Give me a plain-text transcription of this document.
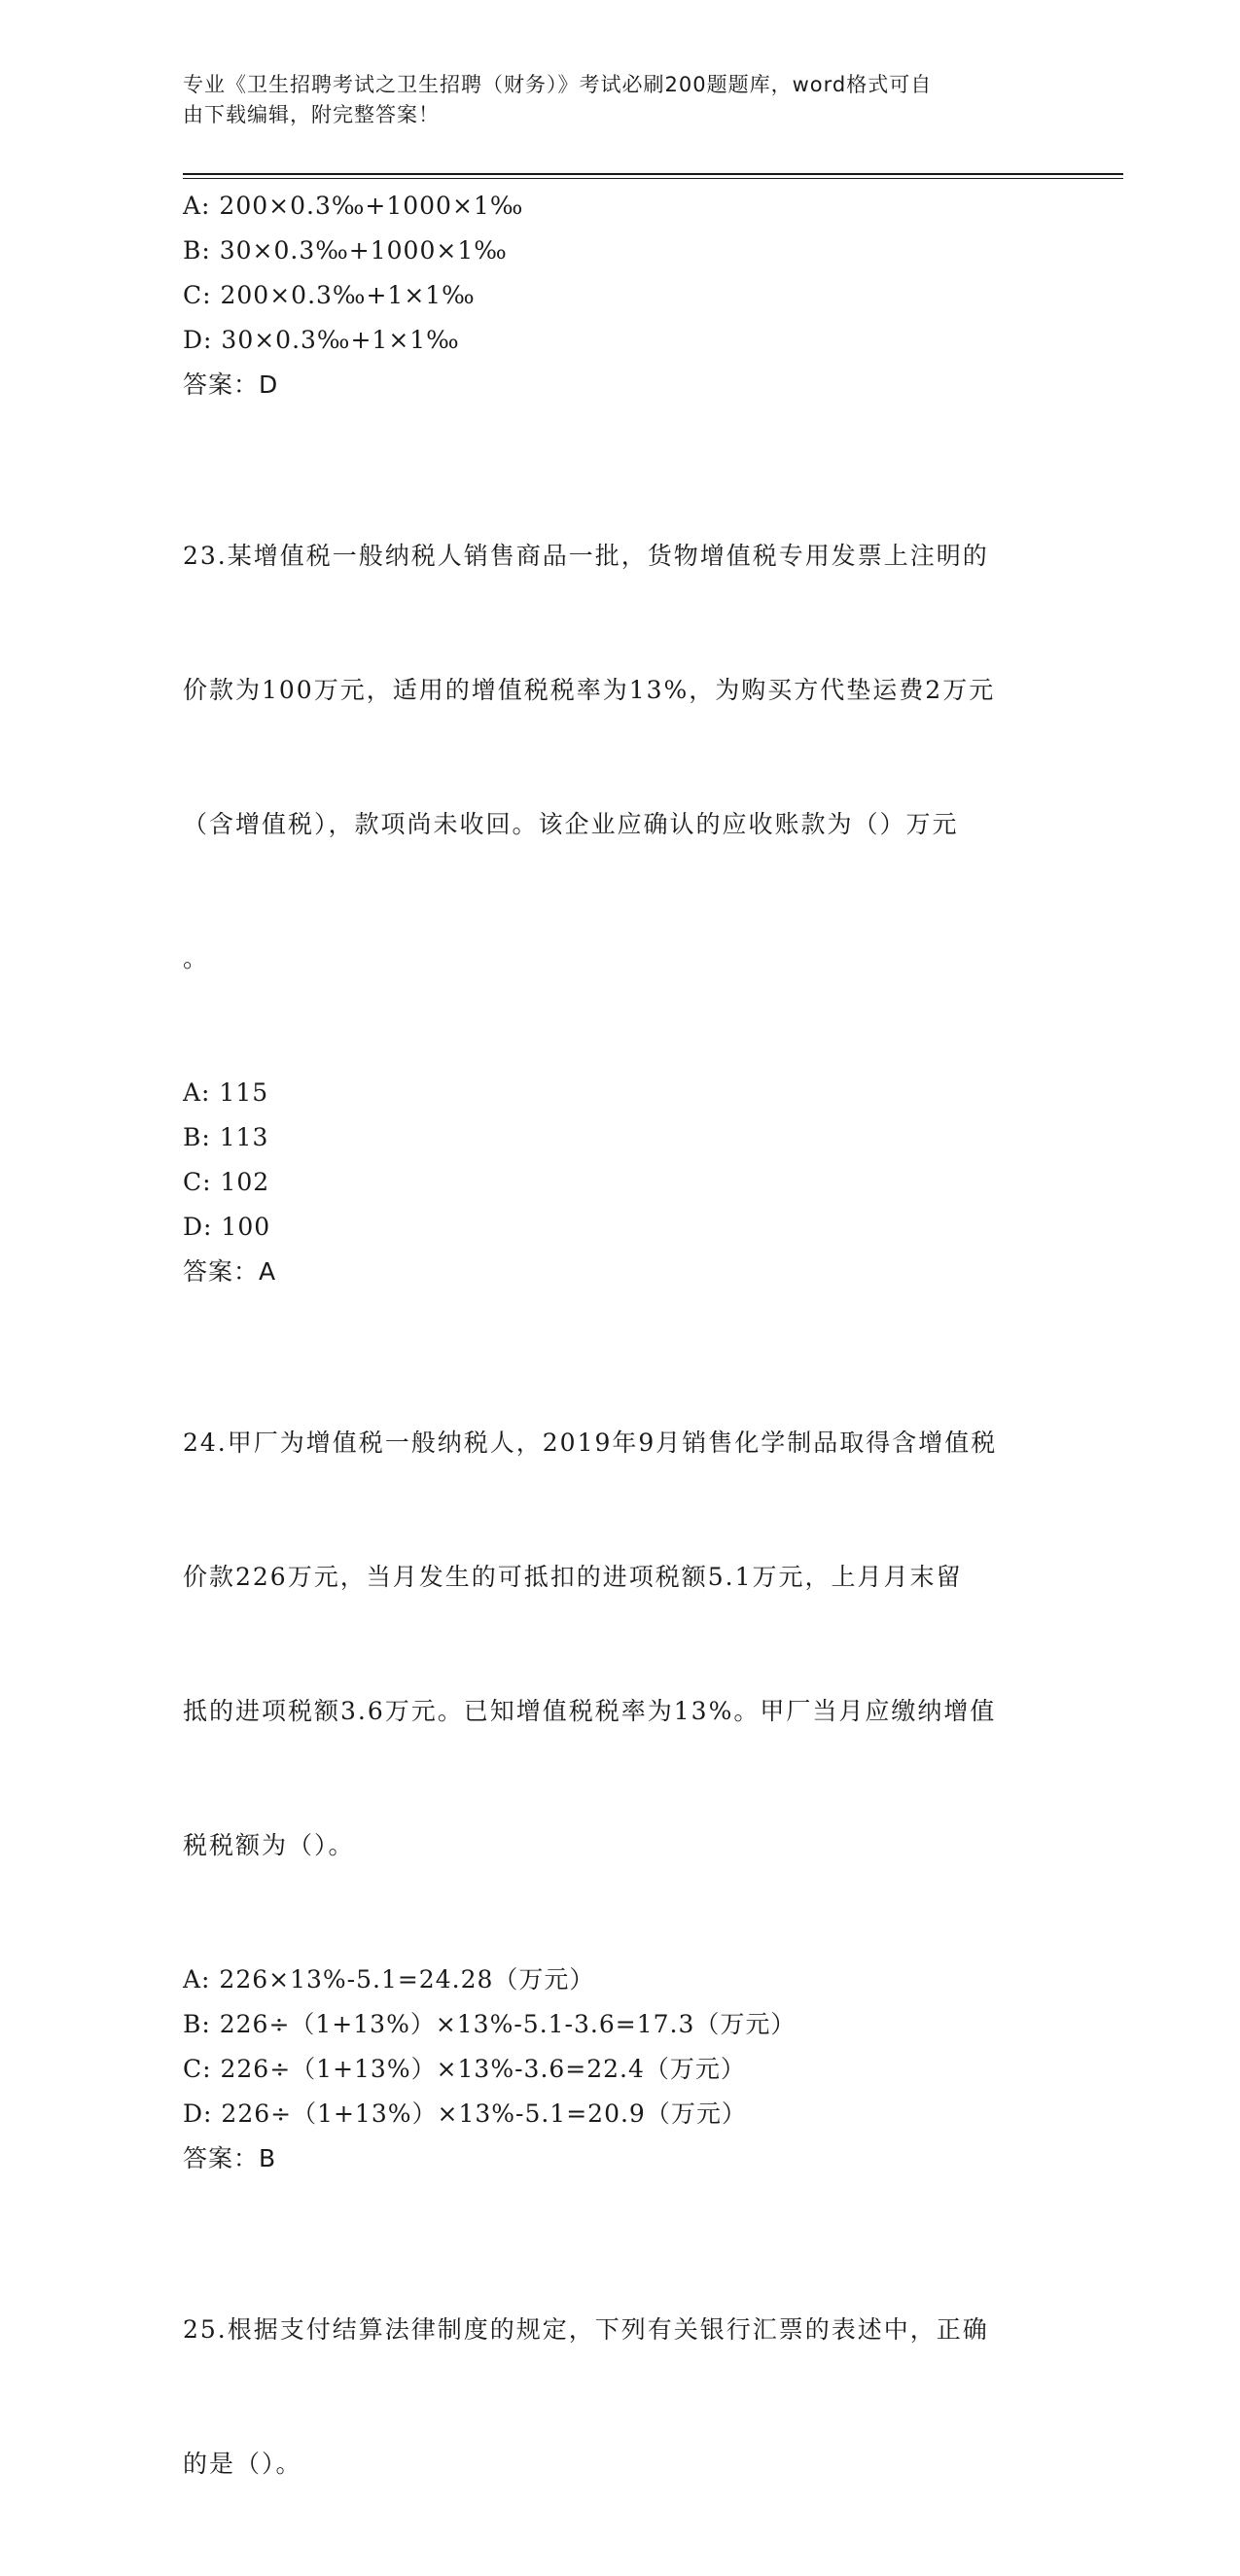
专业《卫生招聘考试之卫生招聘（财务）》考试必刷200题题库，word格式可自
由下载编辑，附完整答案！

A: 200×0.3‰+1000×1‰

B: 30×0.3‰+1000×1‰

C: 200×0.3‰+1×1‰

D: 30×0.3‰+1×1‰

答案：D

23.某增值税一般纳税人销售商品一批，货物增值税专用发票上注明的

价款为100万元，适用的增值税税率为13%，为购买方代垫运费2万元

（含增值税），款项尚未收回。该企业应确认的应收账款为（）万元

。

A: 115

B: 113

C: 102

D: 100

答案：A

24.甲厂为增值税一般纳税人，2019年9月销售化学制品取得含增值税

价款226万元，当月发生的可抵扣的进项税额5.1万元，上月月末留

抵的进项税额3.6万元。已知增值税税率为13%。甲厂当月应缴纳增值

税税额为（）。

A: 226×13%-5.1=24.28（万元）

B: 226÷（1+13%）×13%-5.1-3.6=17.3（万元）

C: 226÷（1+13%）×13%-3.6=22.4（万元）

D: 226÷（1+13%）×13%-5.1=20.9（万元）

答案：B

25.根据支付结算法律制度的规定，下列有关银行汇票的表述中，正确

的是（）。
